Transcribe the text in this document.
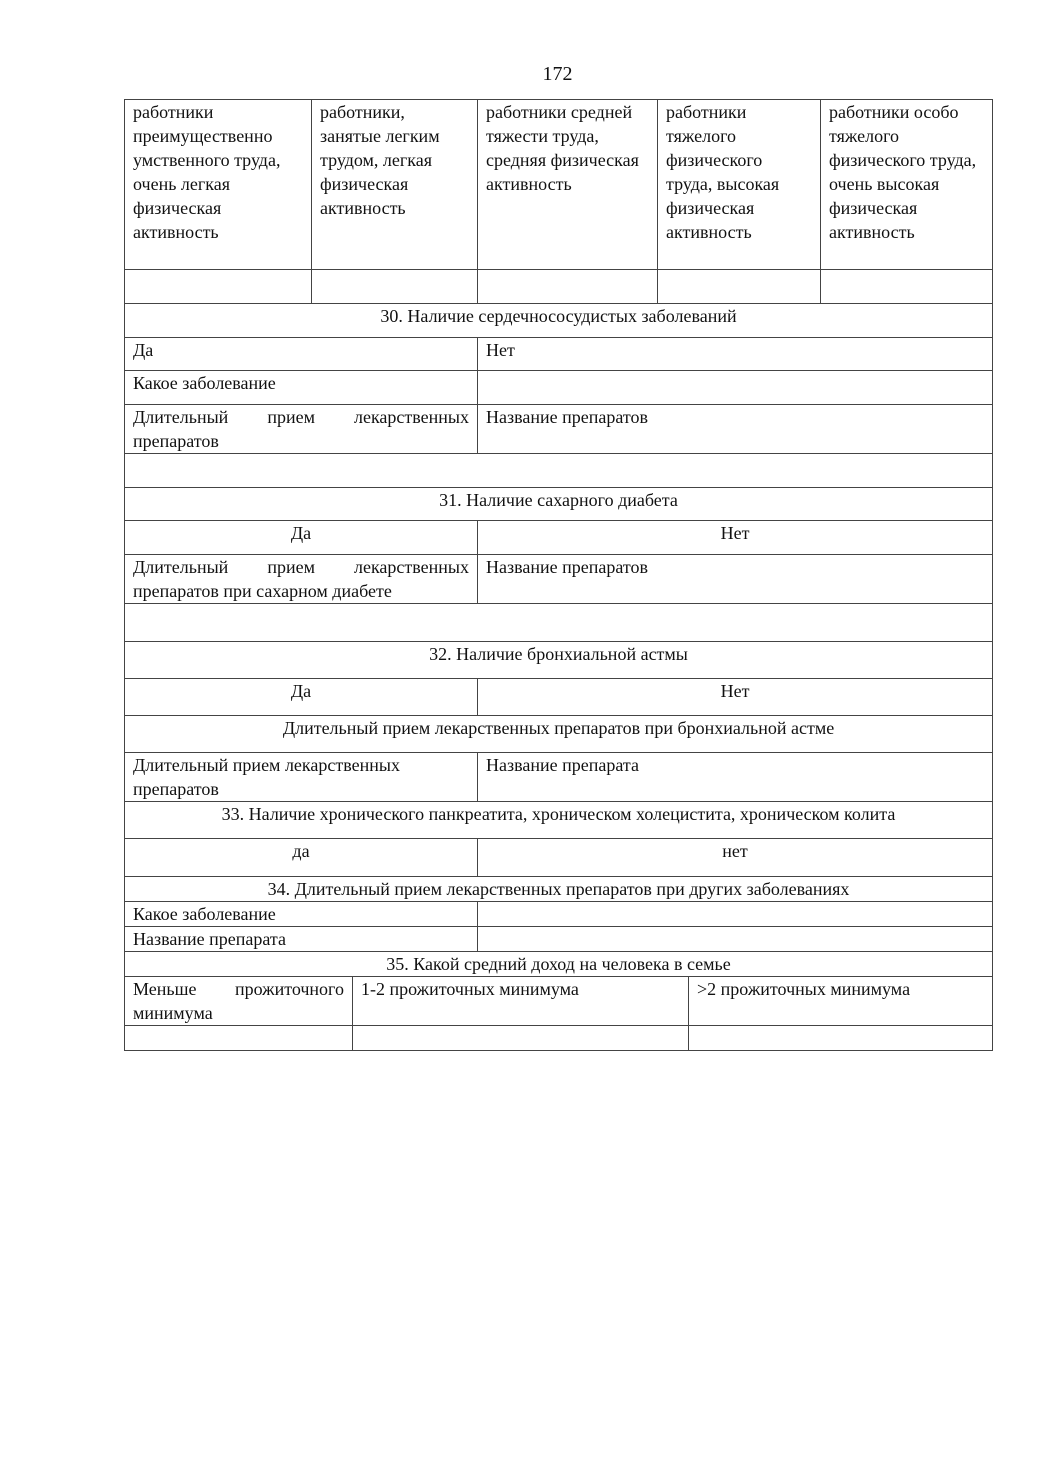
172
работники преимущественно умственного труда, очень легкая физическая активность	работники, занятые легким трудом, легкая физическая активность		работники средней тяжести труда, средняя физическая активность	работники тяжелого физического труда, высокая физическая активность		работники особо тяжелого физического труда, очень высокая физическая активность

30. Наличие сердечнососудистых заболеваний						
Да			Нет			
Какое заболевание						

Длительный прием лекарственных
препаратов			Название препаратов			

31. Наличие сахарного диабета						
Да			Нет			

Длительный прием лекарственных
препаратов при сахарном диабете			Название препаратов			

32. Наличие бронхиальной астмы						
Да			Нет			
Длительный прием лекарственных препаратов при бронхиальной астме						
Длительный прием лекарственных препаратов			Название препарата			
33. Наличие хронического панкреатита, хроническом холецистита, хроническом колита						
да			нет			
34. Длительный прием лекарственных препаратов при других заболеваниях						
Какое заболевание						
Название препарата						
35. Какой средний доход на человека в семье						
Меньше прожиточного минимума		1-2 прожиточных минимума			>2 прожиточных минимума	
